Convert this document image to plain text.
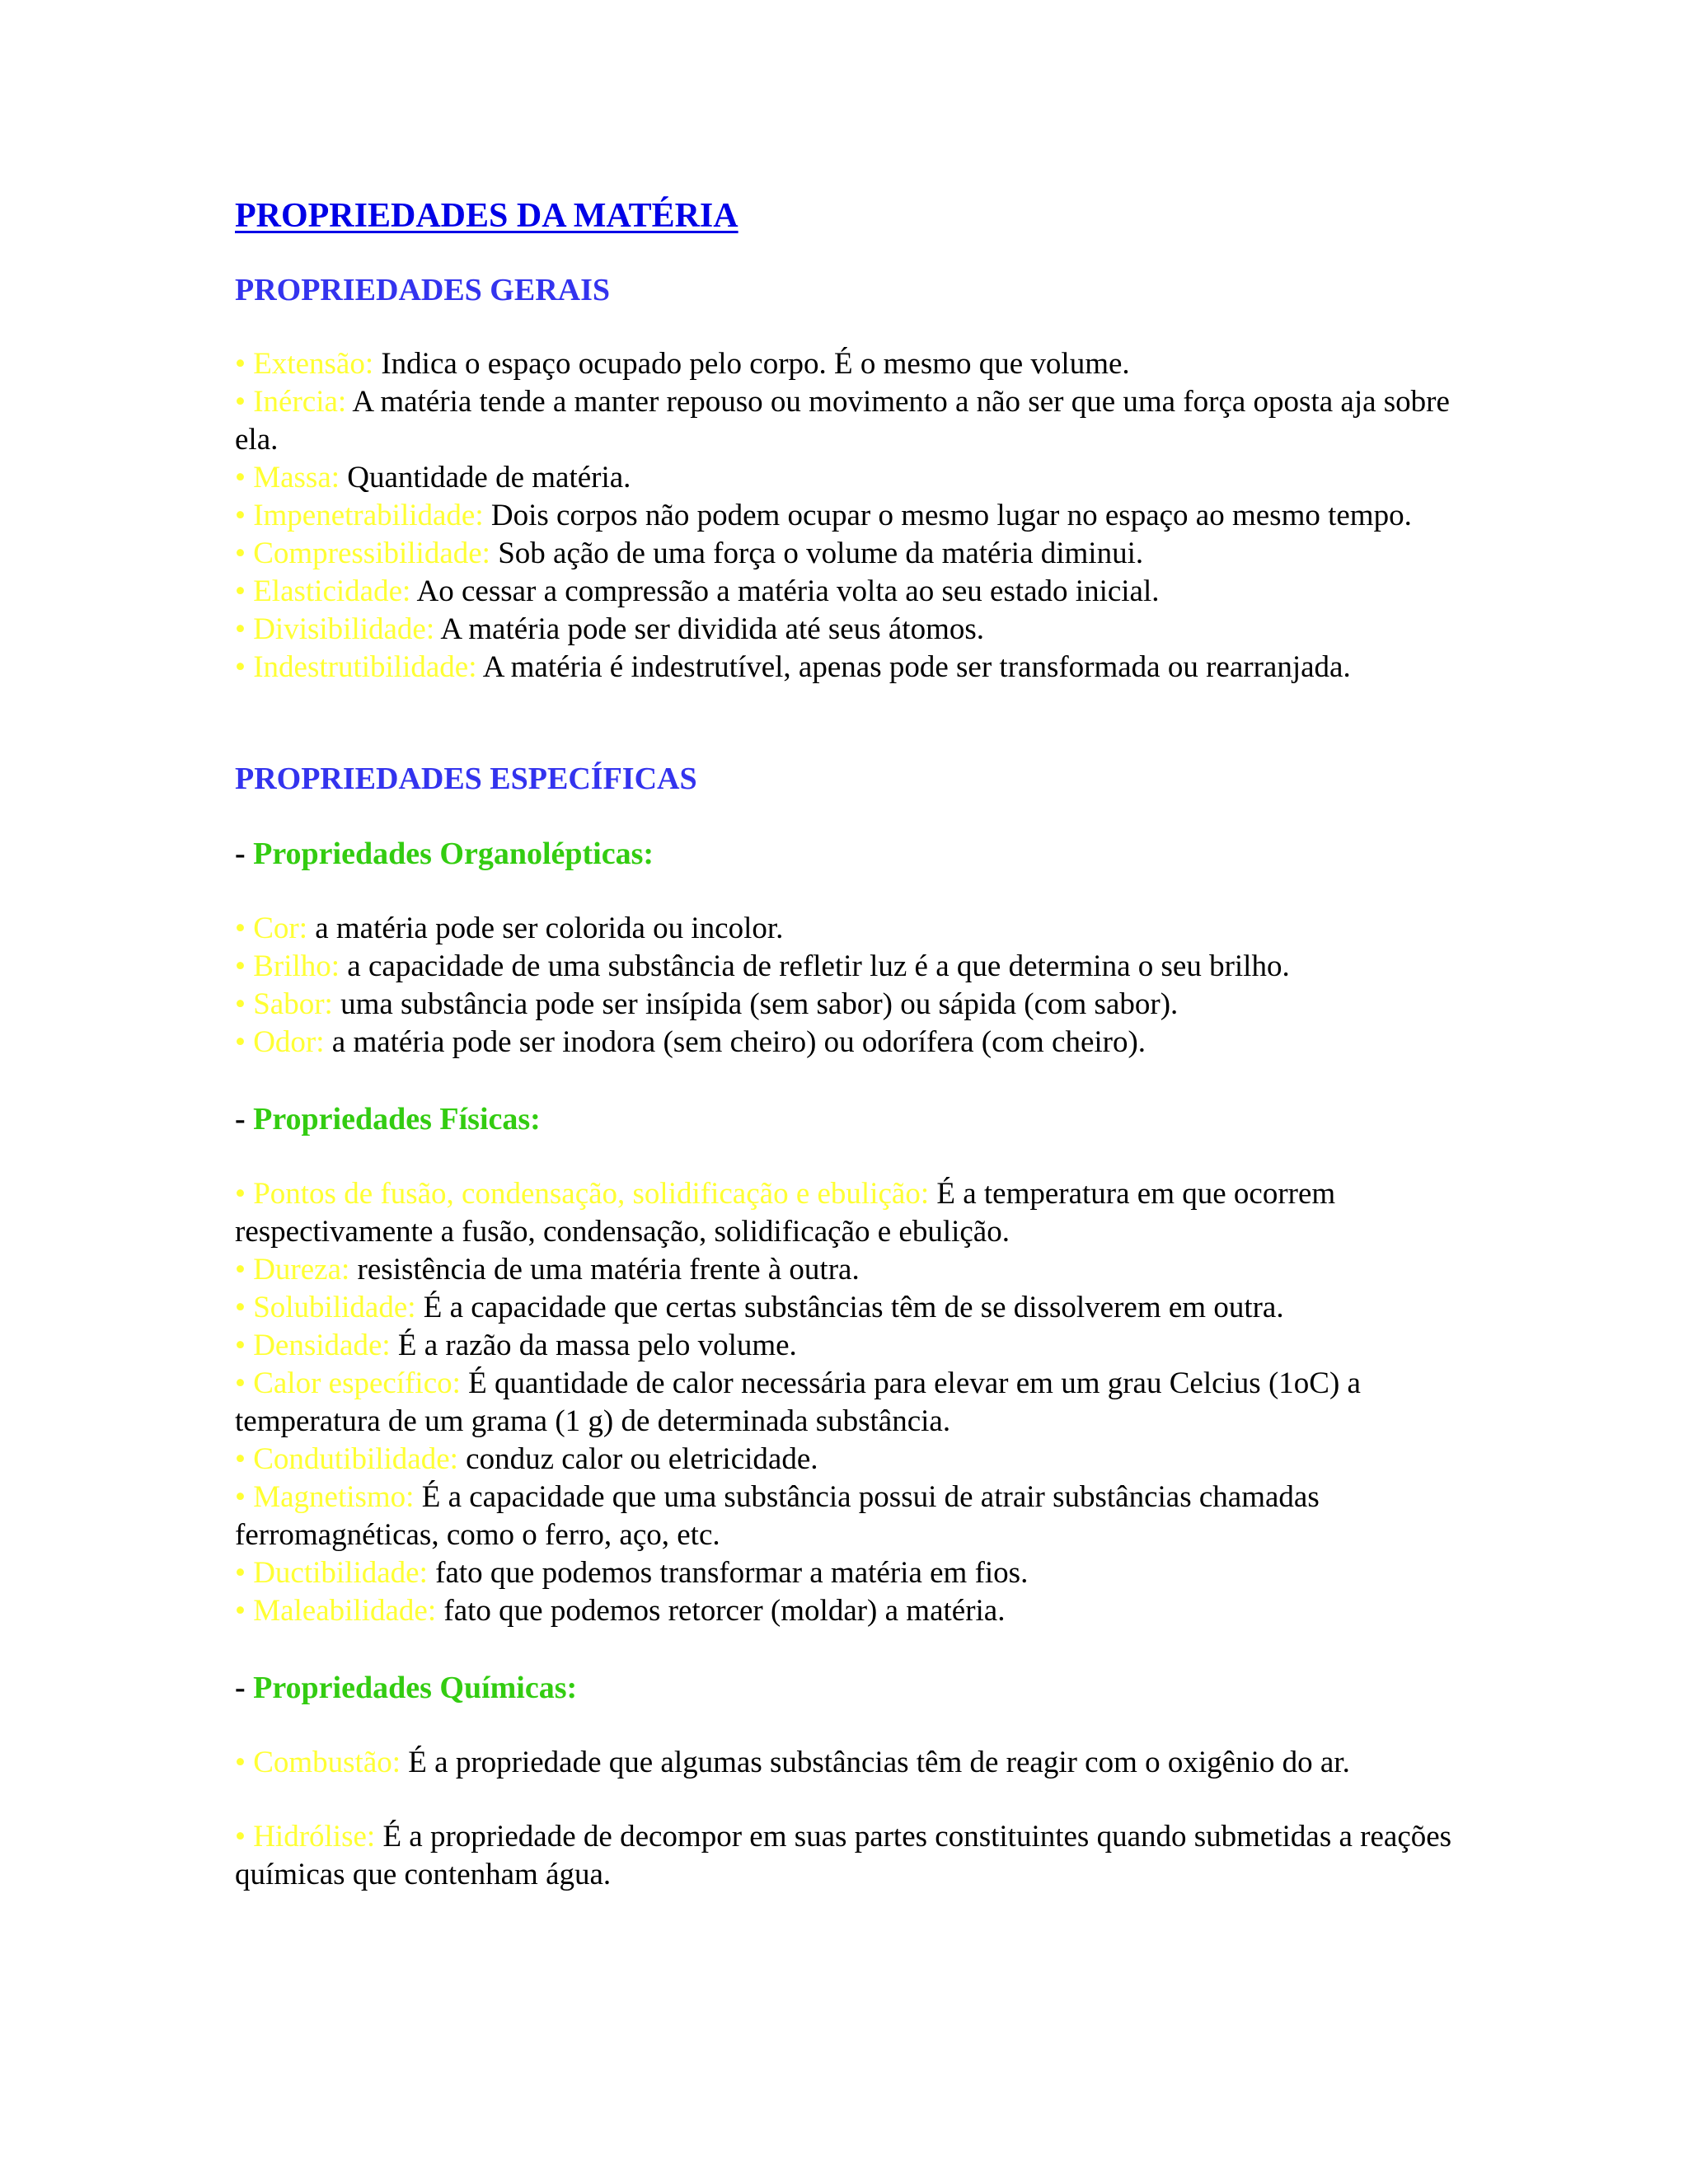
PROPRIEDADES DA MATÉRIA
PROPRIEDADES GERAIS

• Extensão: Indica o espaço ocupado pelo corpo. É o mesmo que volume.

• Inércia: A matéria tende a manter repouso ou movimento a não ser que uma força oposta aja sobre ela.

• Massa: Quantidade de matéria.

• Impenetrabilidade: Dois corpos não podem ocupar o mesmo lugar no espaço ao mesmo tempo.

• Compressibilidade: Sob ação de uma força o volume da matéria diminui.

• Elasticidade: Ao cessar a compressão a matéria volta ao seu estado inicial.

• Divisibilidade: A matéria pode ser dividida até seus átomos.

• Indestrutibilidade: A matéria é indestrutível, apenas pode ser transformada ou rearranjada.

PROPRIEDADES ESPECÍFICAS
- Propriedades Organolépticas:

• Cor: a matéria pode ser colorida ou incolor.

• Brilho: a capacidade de uma substância de refletir luz é a que determina o seu brilho.

• Sabor: uma substância pode ser insípida (sem sabor) ou sápida (com sabor).

• Odor: a matéria pode ser inodora (sem cheiro) ou odorífera (com cheiro).

- Propriedades Físicas:

• Pontos de fusão, condensação, solidificação e ebulição: É a temperatura em que ocorrem respectivamente a fusão, condensação, solidificação e ebulição.

• Dureza: resistência de uma matéria frente à outra.

• Solubilidade: É a capacidade que certas substâncias têm de se dissolverem em outra.

• Densidade: É a razão da massa pelo volume.

• Calor específico: É quantidade de calor necessária para elevar em um grau Celcius (1oC) a temperatura de um grama (1 g) de determinada substância.

• Condutibilidade: conduz calor ou eletricidade.

• Magnetismo: É a capacidade que uma substância possui de atrair substâncias chamadas ferromagnéticas, como o ferro, aço, etc.

• Ductibilidade: fato que podemos transformar a matéria em fios.

• Maleabilidade: fato que podemos retorcer (moldar) a matéria.

- Propriedades Químicas:

• Combustão: É a propriedade que algumas substâncias têm de reagir com o oxigênio do ar.

• Hidrólise: É a propriedade de decompor em suas partes constituintes quando submetidas a reações químicas que contenham água.
